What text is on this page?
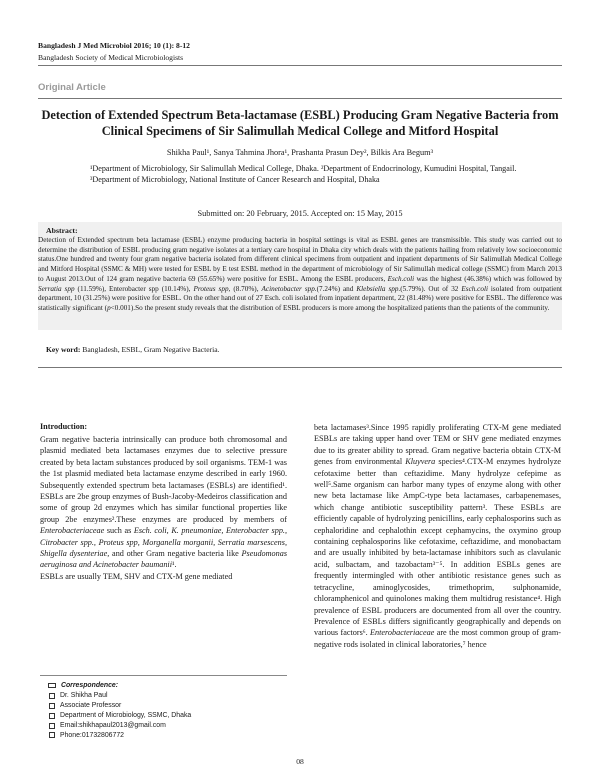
Bangladesh J Med Microbiol 2016; 10 (1): 8-12
Bangladesh Society of Medical Microbiologists
Original Article
Detection of Extended Spectrum Beta-lactamase (ESBL) Producing Gram Negative Bacteria from Clinical Specimens of Sir Salimullah Medical College and Mitford Hospital
Shikha Paul¹, Sanya Tahmina Jhora¹, Prashanta Prasun Dey², Bilkis Ara Begum³
¹Department of Microbiology, Sir Salimullah Medical College, Dhaka. ²Department of Endocrinology, Kumudini Hospital, Tangail. ³Department of Microbiology, National Institute of Cancer Research and Hospital, Dhaka
Submitted on: 20 February, 2015. Accepted on: 15 May, 2015
Abstract:
Detection of Extended spectrum beta lactamase (ESBL) enzyme producing bacteria in hospital settings is vital as ESBL genes are transmissible. This study was carried out to determine the distribution of ESBL producing gram negative isolates at a tertiary care hospital in Dhaka city which deals with the patients hailing from relatively low socioeconomic status.One hundred and twenty four gram negative bacteria isolated from different clinical specimens from outpatient and inpatient departments of Sir Salimullah Medical College and Mitford Hospital (SSMC & MH) were tested for ESBL by E test ESBL method in the department of microbiology of Sir Salimullah medical college (SSMC) from March 2013 to August 2013.Out of 124 gram negative bacteria 69 (55.65%) were positive for ESBL. Among the ESBL producers, Esch.coli was the highest (46.38%) which was followed by Serratia spp (11.59%), Enterobacter spp (10.14%), Proteus spp, (8.70%), Acinetobacter spp.(7.24%) and Klebsiella spp.(5.79%). Out of 32 Esch.coli isolated from outpatient department, 10 (31.25%) were positive for ESBL. On the other hand out of 27 Esch. coli isolated from inpatient department, 22 (81.48%) were positive for ESBL. The difference was statistically significant (p<0.001).So the present study reveals that the distribution of ESBL producers is more among the hospitalized patients than the patients of the community.
Key word: Bangladesh, ESBL, Gram Negative Bacteria.
Introduction:

Gram negative bacteria intrinsically can produce both chromosomal and plasmid mediated beta lactamases enzymes due to selective pressure created by beta lactam substances produced by soil organisms. TEM-1 was the 1st plasmid mediated beta lactamase enzyme described in early 1960. Subsequently extended spectrum beta lactamases (ESBLs) are identified¹. ESBLs are 2be group enzymes of Bush-Jacoby-Medeiros classification and some of group 2d enzymes which has similar functional properties like group 2be enzymes².These enzymes are produced by members of Enterobacteriaceae such as Esch. coli, K. pneumoniae, Enterobacter spp., Citrobacter spp., Proteus spp, Morganella morganii, Serratia marsescens, Shigella dysenteriae, and other Gram negative bacteria like Pseudomonas aeruginosa and Acinetobacter baumanii¹.

ESBLs are usually TEM, SHV and CTX-M gene mediated

beta lactamases³.Since 1995 rapidly proliferating CTX-M gene mediated ESBLs are taking upper hand over TEM or SHV gene mediated enzymes due to its greater ability to spread. Gram negative bacteria obtain CTX-M genes from environmental Kluyvera species⁴.CTX-M enzymes hydrolyze cefotaxime better than ceftazidime. Many hydrolyze cefepime as well⁵.Same organism can harbor many types of enzyme along with other new beta lactamase like AmpC-type beta lactamases, carbapenemases, which change antibiotic susceptibility pattern³. These ESBLs are efficiently capable of hydrolyzing penicillins, early cephalosporins such as cephaloridine and cephalothin except cephamycins, the oxymino group containing cephalosporins like cefotaxime, ceftazidime, and monobactam and are usually inhibited by beta-lactamase inhibitors such as clavulanic acid, sulbactam, and tazobactam³⁻⁵. In addition ESBLs genes are frequently intermingled with other antibiotic resistance genes such as tetracycline, aminoglycosides, trimethoprim, sulphonamide, chloramphenicol and quinolones making them multidrug resistance⁴. High prevalence of ESBL producers are documented from all over the country. Prevalence of ESBLs differs significantly geographically and depends on various factors⁶. Enterobacteriaceae are the most common group of gram-negative rods isolated in clinical laboratories,⁷ hence

Correspondence:
Dr. Shikha Paul
Associate Professor
Department of Microbiology, SSMC, Dhaka
Email:shikhapaul2013@gmail.com
Phone:01732806772
08
